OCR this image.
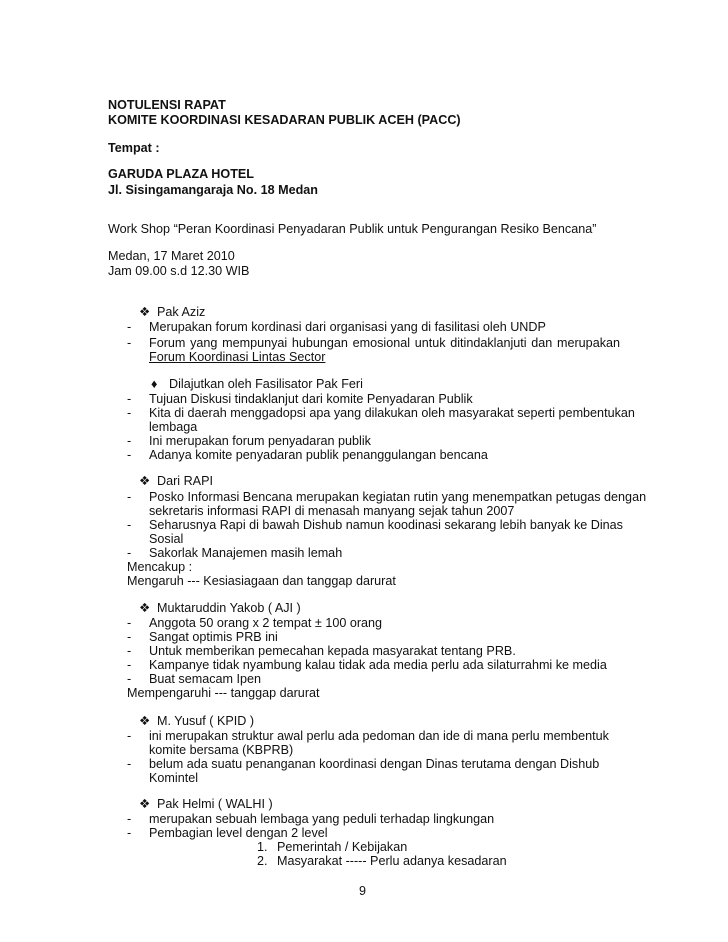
NOTULENSI RAPAT
KOMITE KOORDINASI KESADARAN PUBLIK ACEH (PACC)
Tempat :
GARUDA PLAZA HOTEL
Jl. Sisingamangaraja No. 18 Medan
Work Shop “Peran Koordinasi Penyadaran Publik untuk Pengurangan Resiko Bencana”
Medan, 17 Maret 2010
Jam 09.00 s.d 12.30 WIB
❖ Pak Aziz
- Merupakan forum kordinasi dari organisasi yang di fasilitasi oleh UNDP
- Forum yang mempunyai hubungan emosional untuk ditindaklanjuti dan merupakan
Forum Koordinasi Lintas Sector
♦ Dilajutkan oleh Fasilisator Pak Feri
- Tujuan Diskusi tindaklanjut dari komite Penyadaran Publik
- Kita di daerah menggadopsi apa yang dilakukan oleh masyarakat seperti pembentukan
lembaga
- Ini merupakan forum penyadaran publik
- Adanya komite penyadaran publik penanggulangan bencana
❖ Dari RAPI
- Posko Informasi Bencana merupakan kegiatan rutin yang menempatkan petugas dengan
sekretaris informasi RAPI di menasah manyang sejak tahun 2007
- Seharusnya Rapi di bawah Dishub namun koodinasi sekarang lebih banyak ke Dinas
Sosial
- Sakorlak Manajemen masih lemah
Mencakup :
Mengaruh --- Kesiasiagaan dan tanggap darurat
❖ Muktaruddin Yakob ( AJI )
- Anggota 50 orang x 2 tempat ± 100 orang
- Sangat optimis PRB ini
- Untuk memberikan pemecahan kepada masyarakat tentang PRB.
- Kampanye tidak nyambung kalau tidak ada media perlu ada silaturrahmi ke media
- Buat semacam Ipen
Mempengaruhi --- tanggap darurat
❖ M. Yusuf ( KPID )
- ini merupakan struktur awal perlu ada pedoman dan ide di mana perlu membentuk
komite bersama (KBPRB)
- belum ada suatu penanganan koordinasi dengan Dinas terutama dengan Dishub
Komintel
❖ Pak Helmi ( WALHI )
- merupakan sebuah lembaga yang peduli terhadap lingkungan
- Pembagian level dengan 2 level
1. Pemerintah / Kebijakan
2. Masyarakat ----- Perlu adanya kesadaran
9
